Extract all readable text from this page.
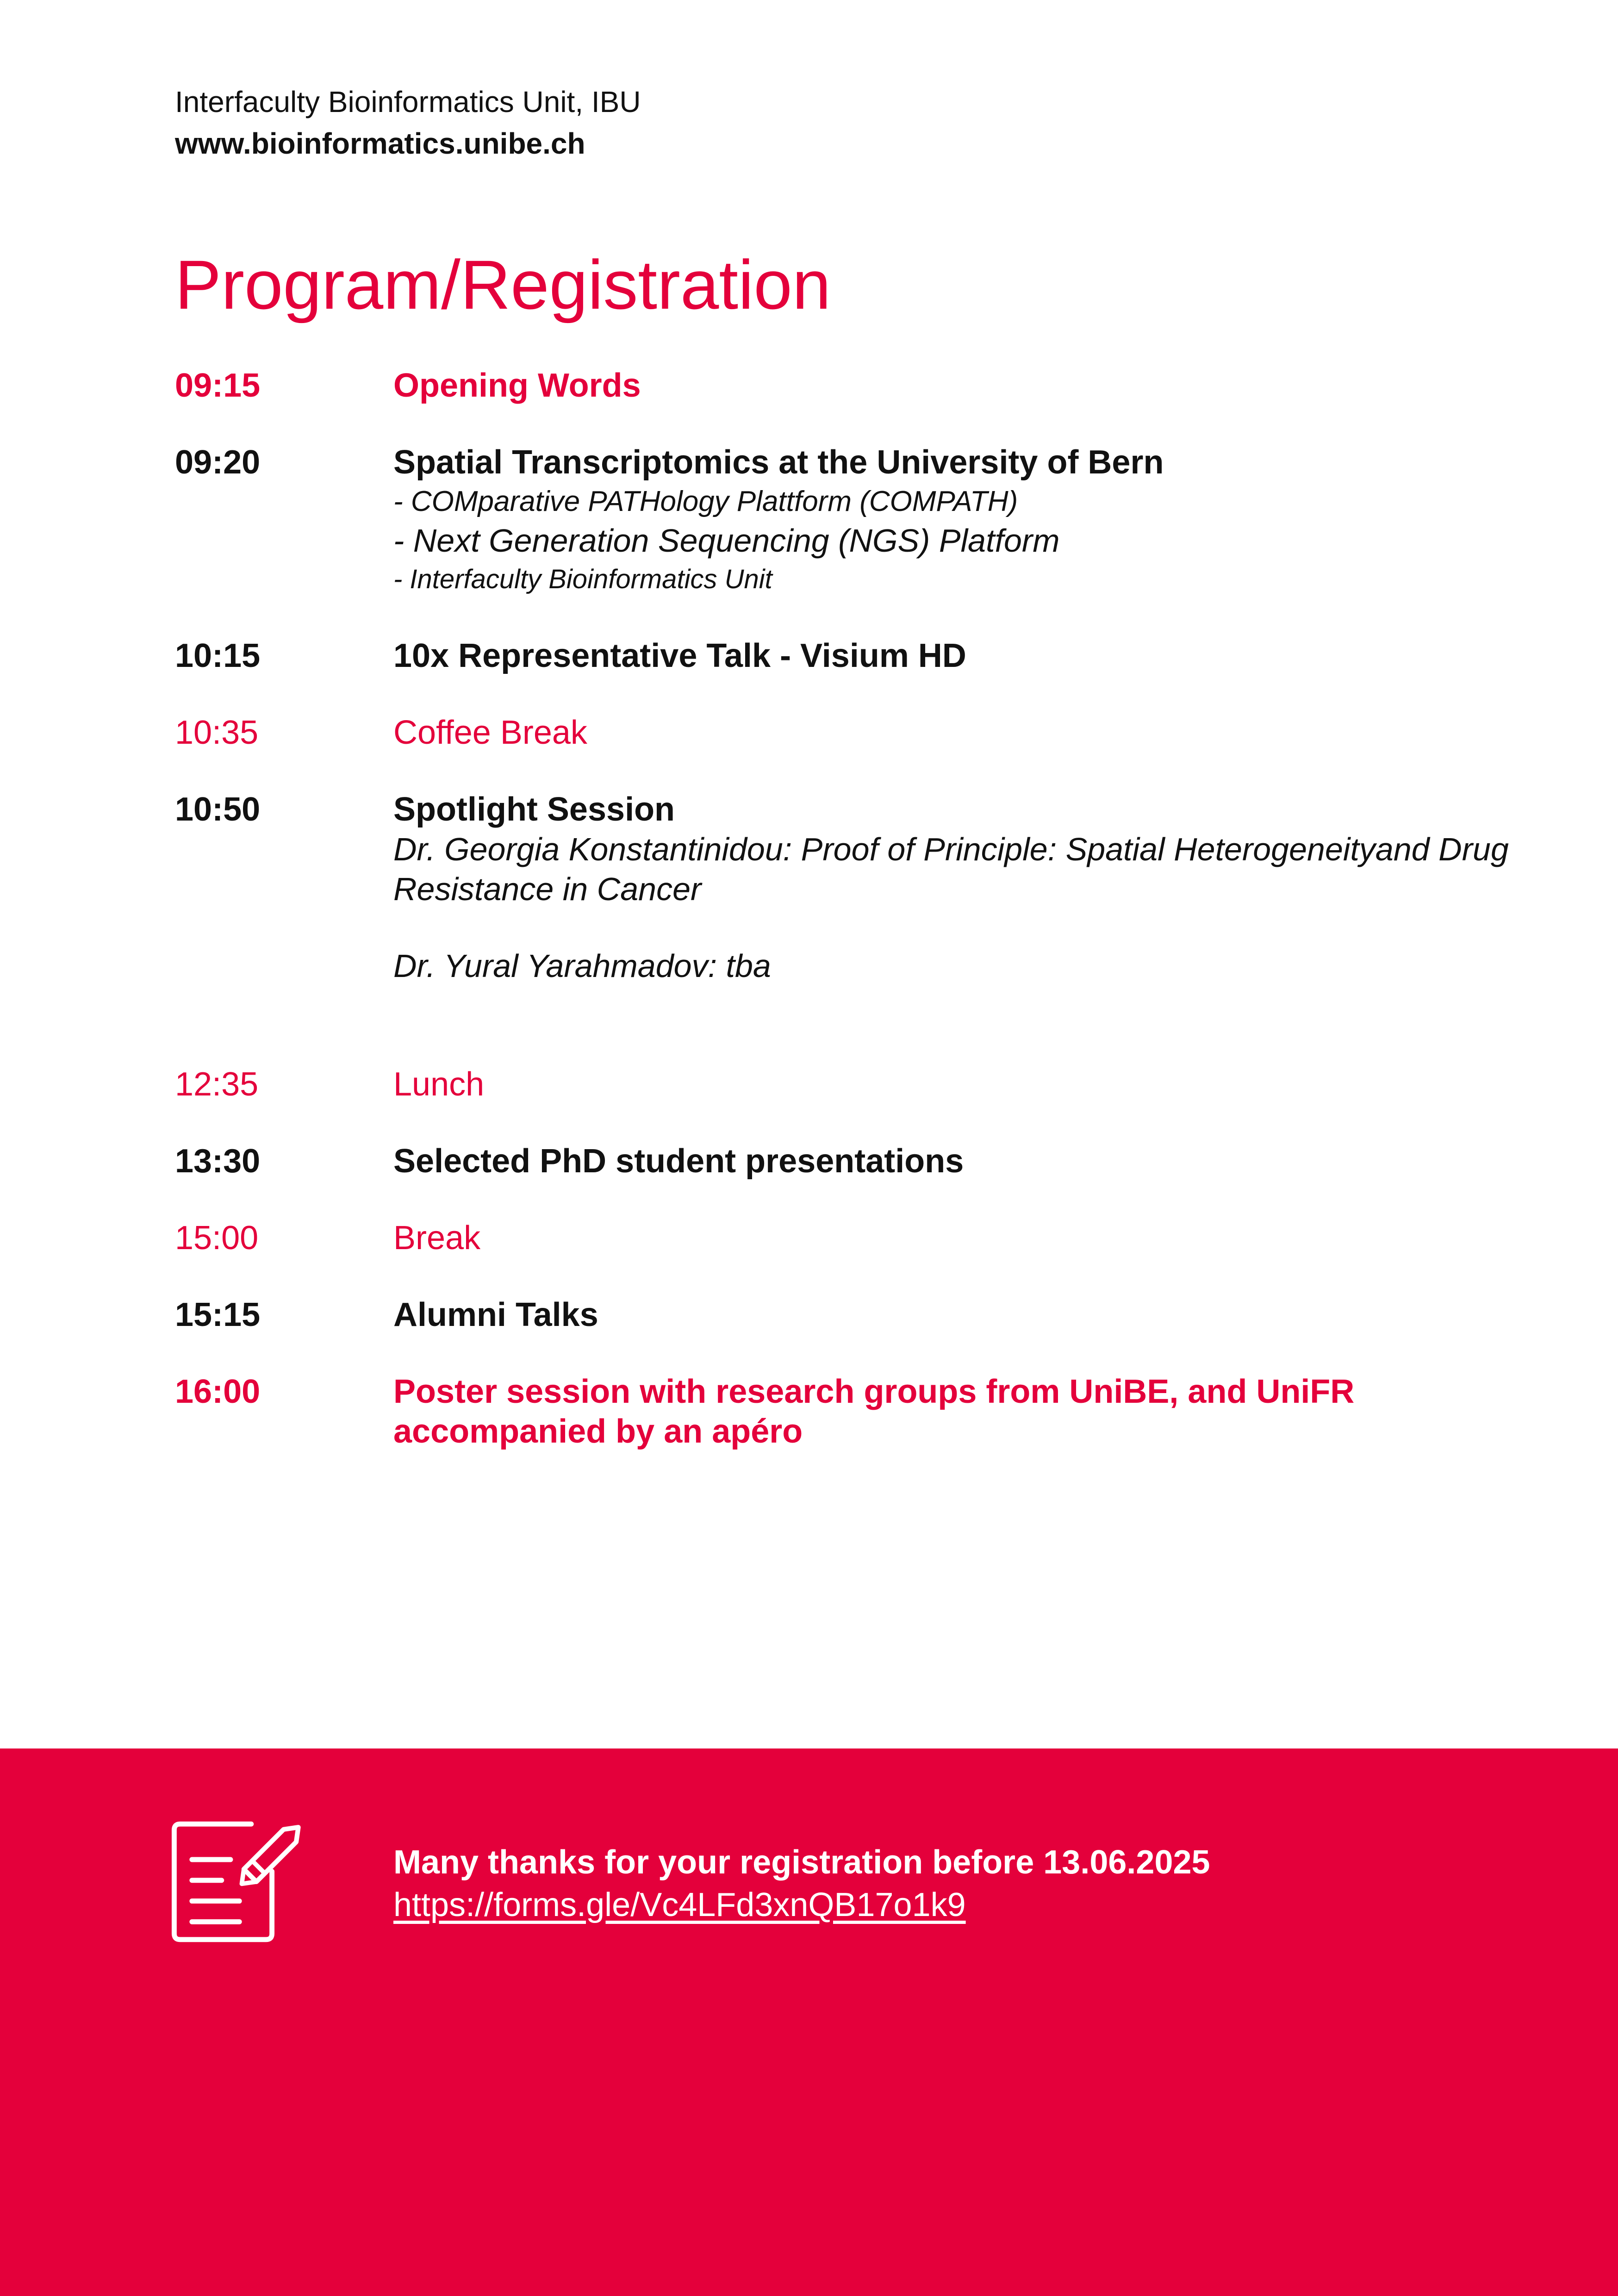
Interfaculty Bioinformatics Unit, IBU
www.bioinformatics.unibe.ch
Program/Registration
09:15	Opening Words
09:20	Spatial Transcriptomics at the University of Bern
- COMparative PATHology Plattform (COMPATH)
- Next Generation Sequencing (NGS) Platform
- Interfaculty Bioinformatics Unit
10:15	10x Representative Talk - Visium HD
10:35	Coffee Break
10:50	Spotlight Session
Dr. Georgia Konstantinidou: Proof of Principle: Spatial Heterogeneityand Drug Resistance in Cancer
Dr. Yural Yarahmadov: tba
12:35	Lunch
13:30	Selected PhD student presentations
15:00	Break
15:15	Alumni Talks
16:00	Poster session with research groups from UniBE, and UniFR accompanied by an apéro
Many thanks for your registration before 13.06.2025
https://forms.gle/Vc4LFd3xnQB17o1k9
